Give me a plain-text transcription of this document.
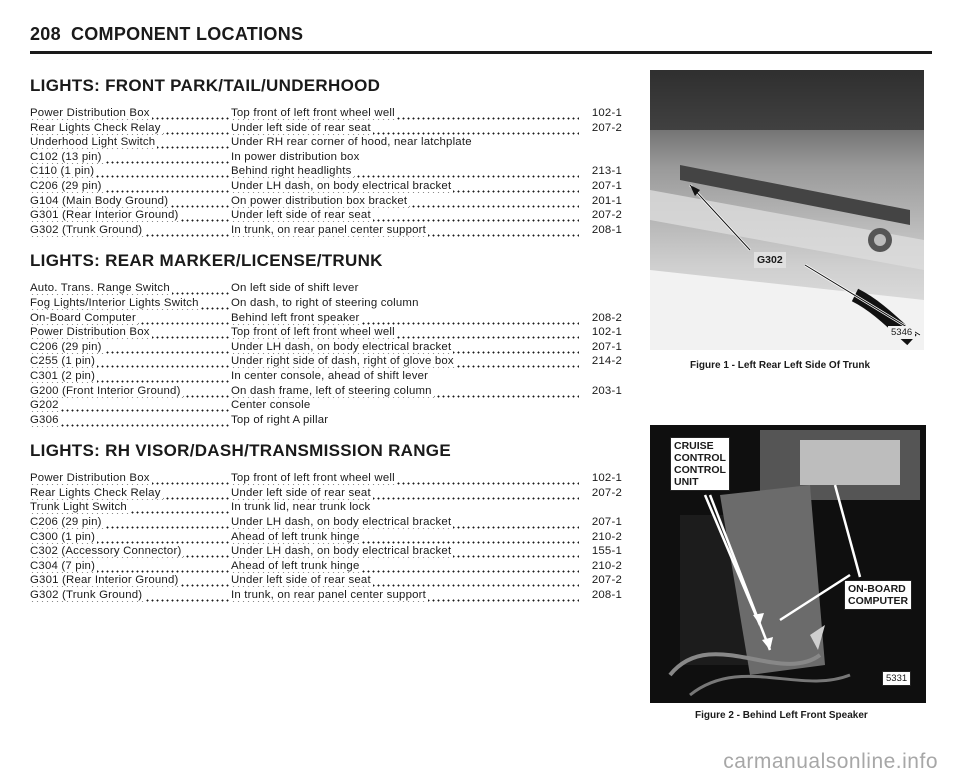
208 COMPONENT LOCATIONS
LIGHTS: FRONT PARK/TAIL/UNDERHOOD
Power Distribution Box	Top front of left front wheel well	102-1
Rear Lights Check Relay	Under left side of rear seat	207-2
Underhood Light Switch	Under RH rear corner of hood, near latchplate
C102 (13 pin)	In power distribution box
C110 (1 pin)	Behind right headlights	213-1
C206 (29 pin)	Under LH dash, on body electrical bracket	207-1
G104 (Main Body Ground)	On power distribution box bracket	201-1
G301 (Rear Interior Ground)	Under left side of rear seat	207-2
G302 (Trunk Ground)	In trunk, on rear panel center support	208-1
LIGHTS: REAR MARKER/LICENSE/TRUNK
Auto. Trans. Range Switch	On left side of shift lever
Fog Lights/Interior Lights Switch	On dash, to right of steering column
On-Board Computer	Behind left front speaker	208-2
Power Distribution Box	Top front of left front wheel well	102-1
C206 (29 pin)	Under LH dash, on body electrical bracket	207-1
C255 (1 pin)	Under right side of dash, right of glove box	214-2
C301 (2 pin)	In center console, ahead of shift lever
G200 (Front Interior Ground)	On dash frame, left of steering column	203-1
G202	Center console
G306	Top of right A pillar
LIGHTS: RH VISOR/DASH/TRANSMISSION RANGE
Power Distribution Box	Top front of left front wheel well	102-1
Rear Lights Check Relay	Under left side of rear seat	207-2
Trunk Light Switch	In trunk lid, near trunk lock
C206 (29 pin)	Under LH dash, on body electrical bracket	207-1
C300 (1 pin)	Ahead of left trunk hinge	210-2
C302 (Accessory Connector)	Under LH dash, on body electrical bracket	155-1
C304 (7 pin)	Ahead of left trunk hinge	210-2
G301 (Rear Interior Ground)	Under left side of rear seat	207-2
G302 (Trunk Ground)	In trunk, on rear panel center support	208-1
G302
5346
Figure 1 - Left Rear Left Side Of Trunk
CRUISE
CONTROL
CONTROL
UNIT
ON-BOARD
COMPUTER
5331
Figure 2 - Behind Left Front Speaker
carmanualsonline.info
